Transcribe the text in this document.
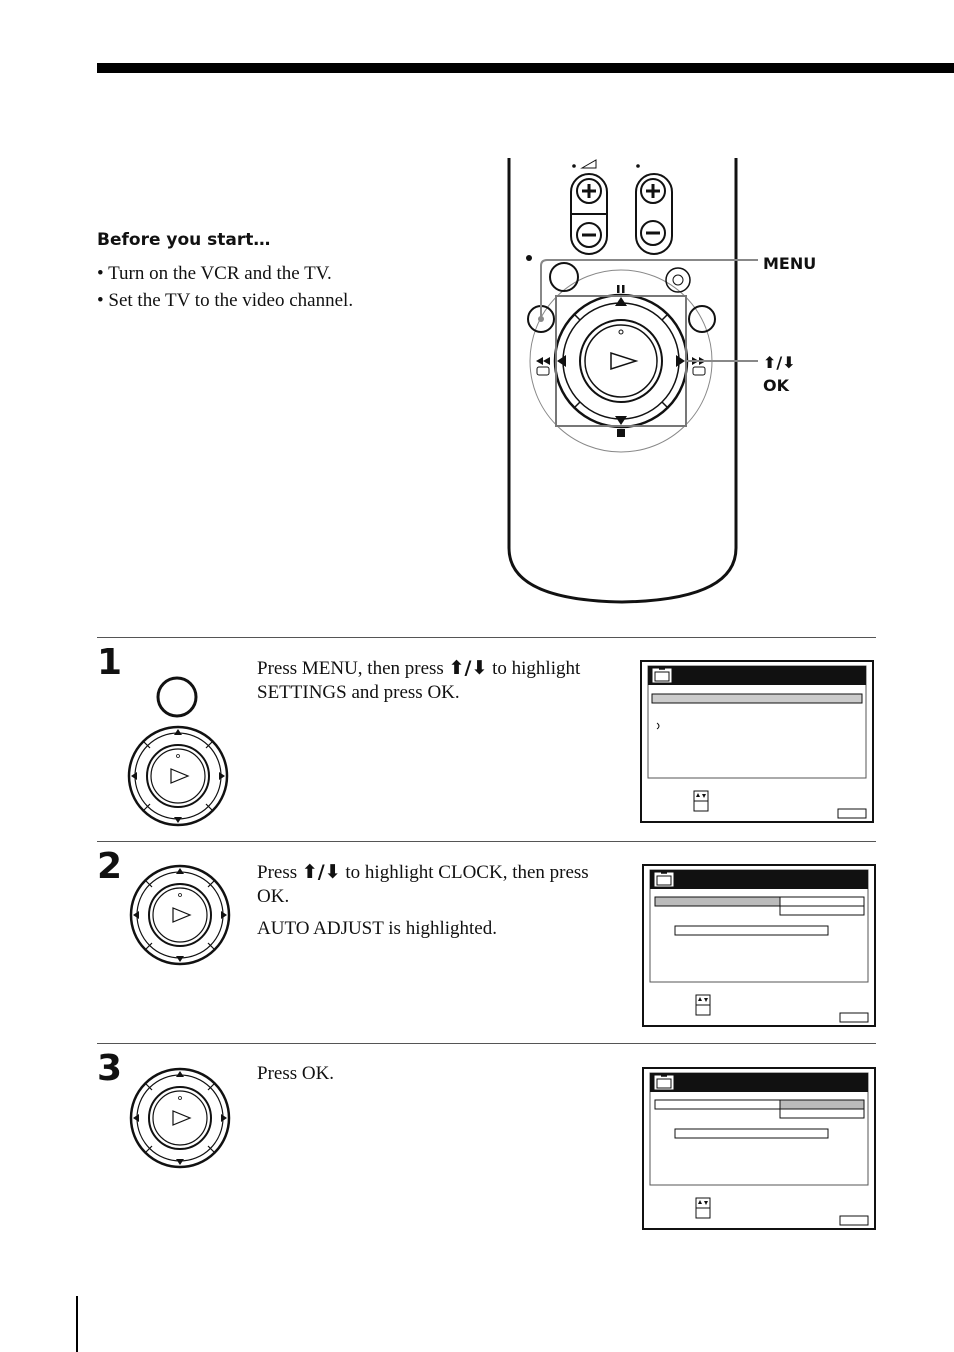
Before you start…
• Turn on the VCR and the TV.
• Set the TV to the video channel.
MENU
⬆/⬇
OK
1	Press MENU, then press ⬆/⬇ to highlight SETTINGS and press OK.

2	Press ⬆/⬇ to highlight CLOCK, then press OK.

AUTO ADJUST is highlighted.

3	Press OK.
